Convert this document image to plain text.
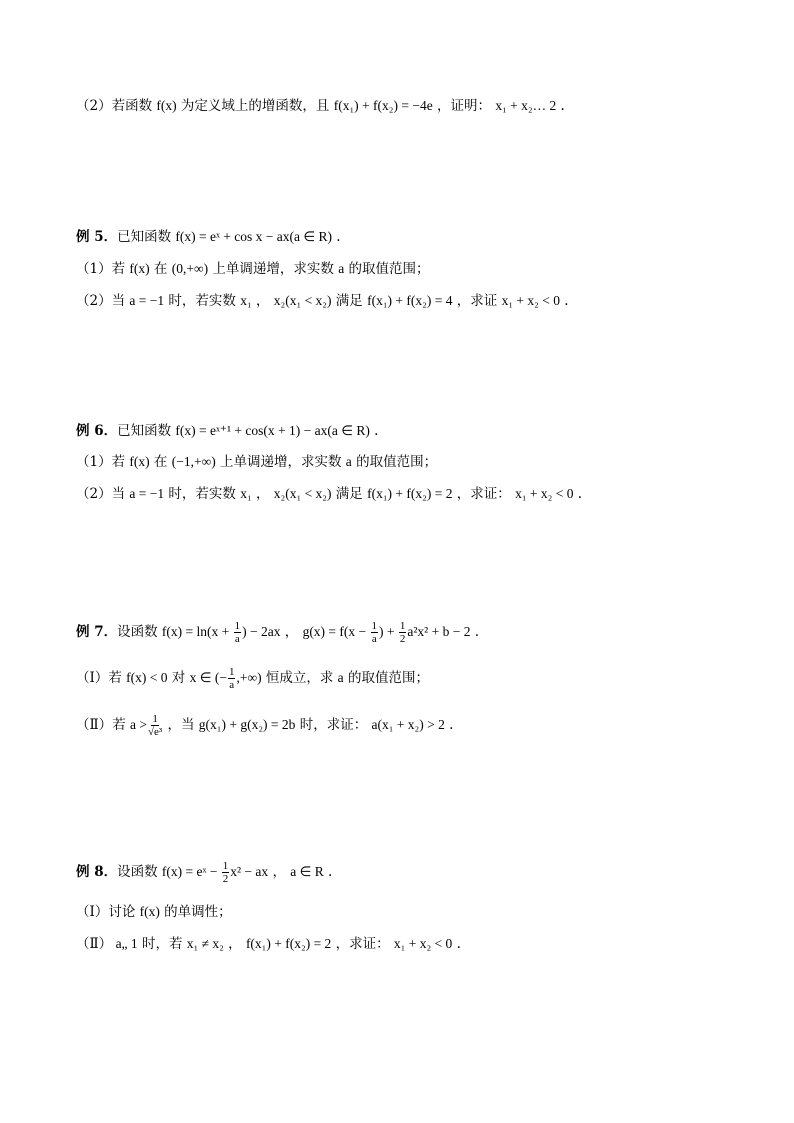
（2）若函数 f(x) 为定义域上的增函数，且 f(x₁) + f(x₂) = −4e ，证明： x₁ + x₂… 2 .
例 5．已知函数 f(x) = eˣ + cos x − ax(a ∈ R) .
（1）若 f(x) 在 (0,+∞) 上单调递增，求实数 a 的取值范围；
（2）当 a = −1 时，若实数 x₁ ， x₂(x₁ < x₂) 满足 f(x₁) + f(x₂) = 4 ，求证 x₁ + x₂ < 0 .
例 6．已知函数 f(x) = eˣ⁺¹ + cos(x + 1) − ax(a ∈ R) .
（1）若 f(x) 在 (−1,+∞) 上单调递增，求实数 a 的取值范围；
（2）当 a = −1 时，若实数 x₁ ， x₂(x₁ < x₂) 满足 f(x₁) + f(x₂) = 2 ，求证： x₁ + x₂ < 0 .
例 7．设函数 $f(x) = \ln(x + \frac{1}{a}$ ) − 2ax ， $g(x) = f(x - \frac{1}{a}$ ) + $\frac{1}{2} a^2x^2 + b - 2$ .
（Ⅰ）若 f(x) < 0 对 x ∈ (− $\frac{1}{a}$ ,+∞) 恒成立，求 a 的取值范围；
（Ⅱ）若 $a > \frac{1}{\text{√e³}}$ ，当 g(x₁) + g(x₂) = 2b 时，求证： a(x₁ + x₂) > 2 .
例 8．设函数 f(x) = eˣ − $\frac{1}{2} x^2$ − ax ， a ∈ R .
（Ⅰ）讨论 f(x) 的单调性；
（Ⅱ） a„ 1 时，若 x₁ ≠ x₂ ， f(x₁) + f(x₂) = 2 ，求证： x₁ + x₂ < 0 .
